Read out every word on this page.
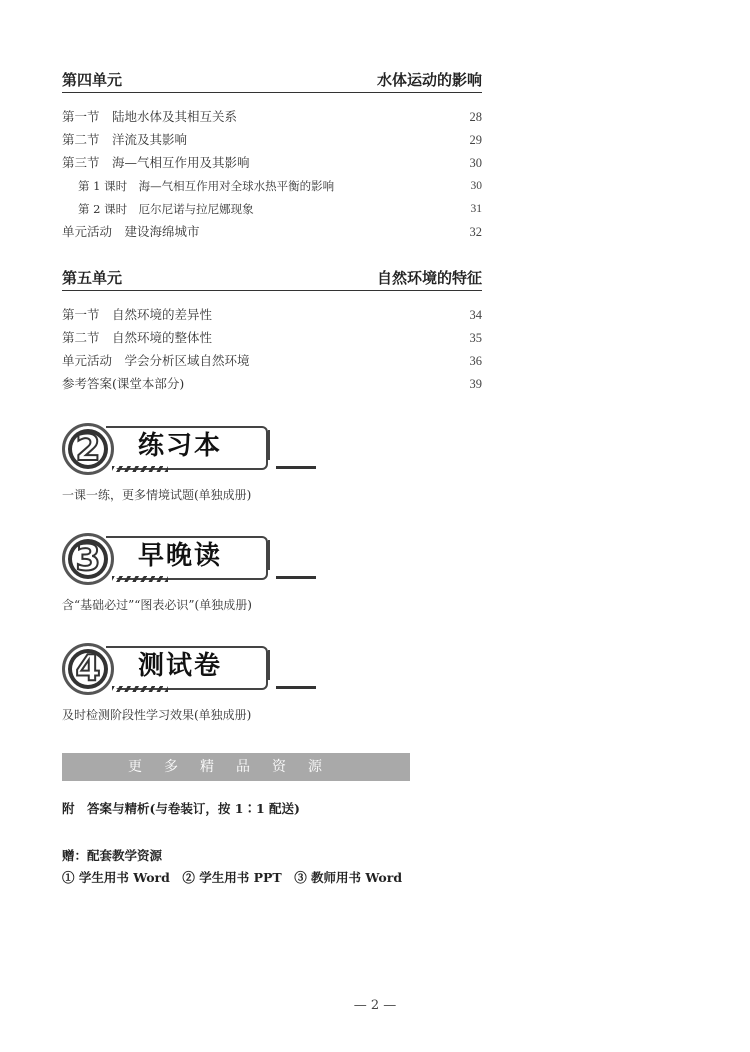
第四单元	水体运动的影响
第一节　陆地水体及其相互关系	28
第二节　洋流及其影响	29
第三节　海—气相互作用及其影响	30
第 1 课时　海—气相互作用对全球水热平衡的影响	30
第 2 课时　厄尔尼诺与拉尼娜现象	31
单元活动　建设海绵城市	32
第五单元	自然环境的特征
第一节　自然环境的差异性	34
第二节　自然环境的整体性	35
单元活动　学会分析区域自然环境	36
参考答案(课堂本部分)	39
2	练习本
一课一练，更多情境试题(单独成册)
3	早晚读
含“基础必过”“图表必识”(单独成册)
4	测试卷
及时检测阶段性学习效果(单独成册)
更多精品资源
附　答案与精析(与卷装订，按 1∶1 配送)
赠：配套教学资源
① 学生用书 Word　② 学生用书 PPT　③ 教师用书 Word
— 2 —
